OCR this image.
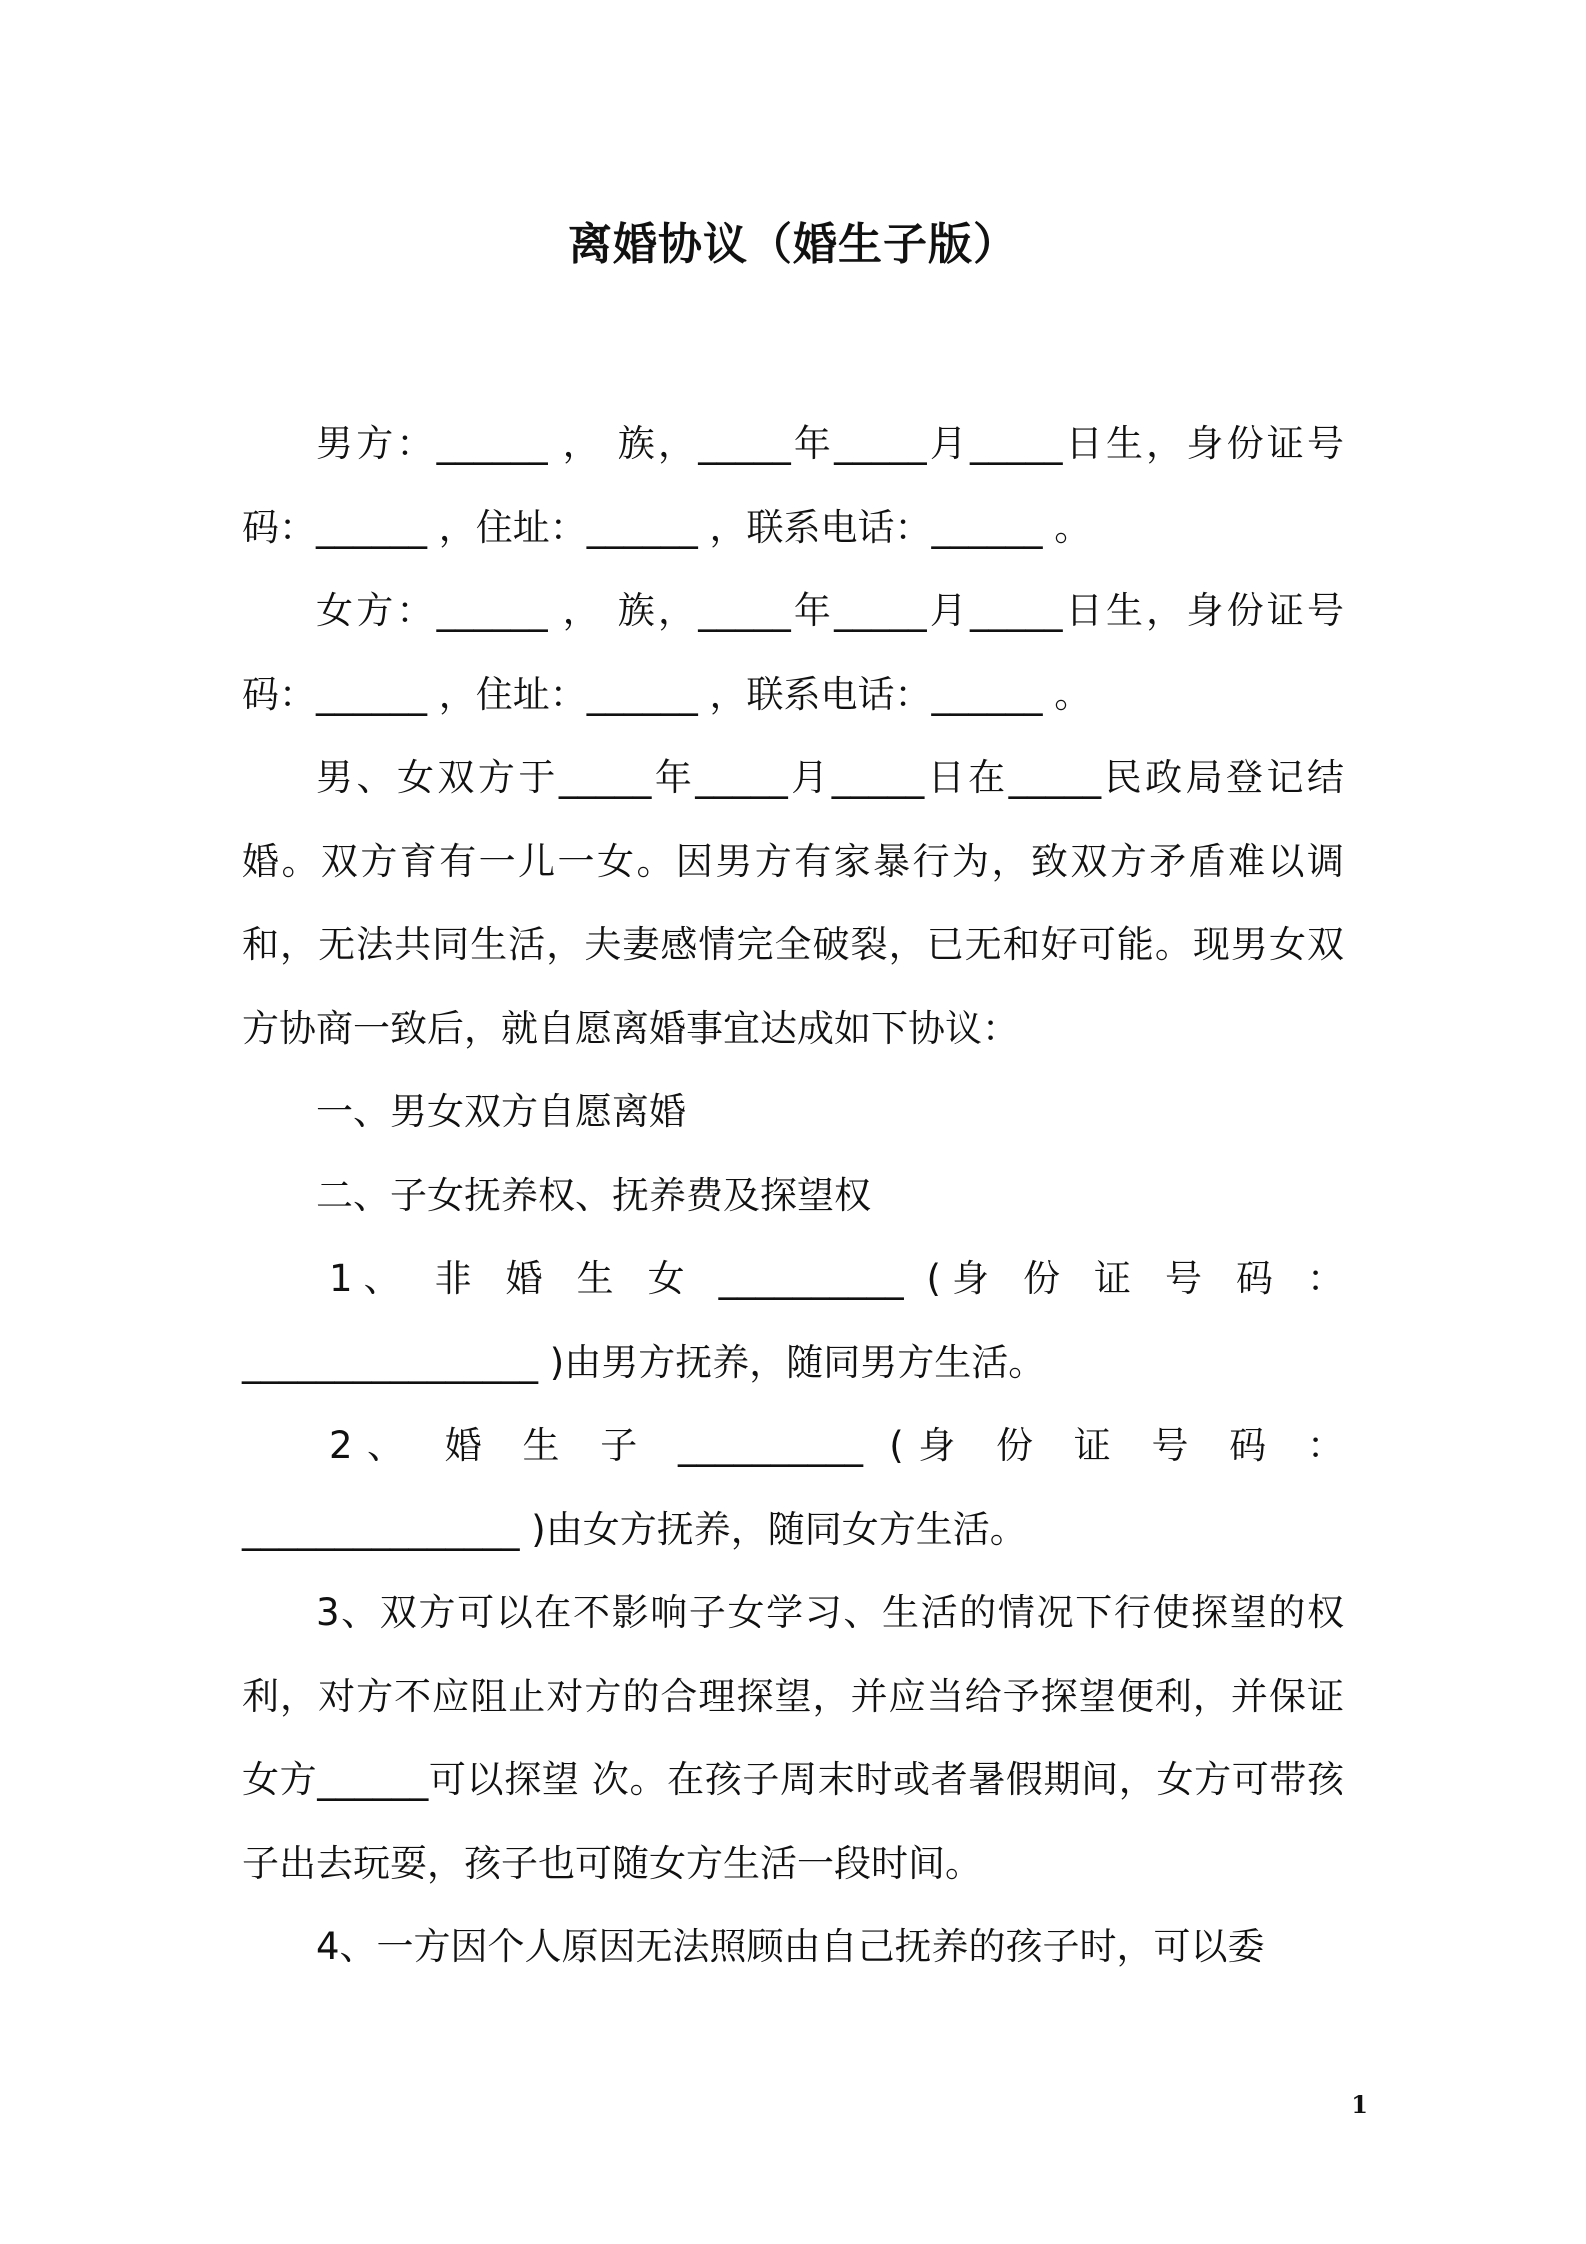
离婚协议（婚生子版）

男方：______ ， 族，_____年_____月_____日生，身份证号码：______ ，住址：______ ，联系电话：______ 。

女方：______ ， 族，_____年_____月_____日生，身份证号码：______ ，住址：______ ，联系电话：______ 。

男、女双方于_____年_____月_____日在_____民政局登记结婚。双方育有一儿一女。因男方有家暴行为，致双方矛盾难以调和，无法共同生活，夫妻感情完全破裂，已无和好可能。现男女双方协商一致后，就自愿离婚事宜达成如下协议：

一、男女双方自愿离婚

二、子女抚养权、抚养费及探望权

1、 非 婚 生 女 __________ (身 份 证 号 码 ：

________________ )由男方抚养，随同男方生活。

2、 婚 生 子 __________ (身 份 证 号 码 ：

_______________ )由女方抚养，随同女方生活。

3、双方可以在不影响子女学习、生活的情况下行使探望的权利，对方不应阻止对方的合理探望，并应当给予探望便利，并保证女方______可以探望 次。在孩子周末时或者暑假期间，女方可带孩子出去玩耍，孩子也可随女方生活一段时间。

4、一方因个人原因无法照顾由自己抚养的孩子时，可以委

1
